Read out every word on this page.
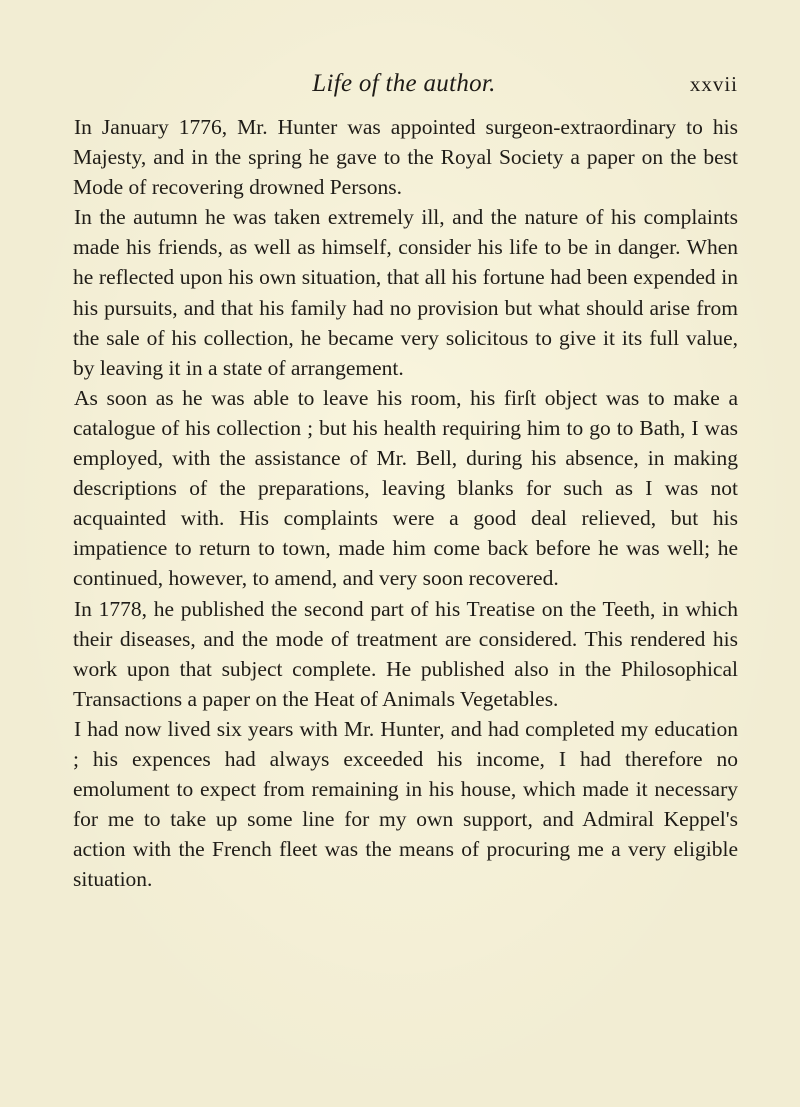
Life of the author.	xxvii

In January 1776, Mr. Hunter was appointed surgeon-extraordinary to his Majesty, and in the spring he gave to the Royal Society a paper on the best Mode of recovering drowned Persons.

In the autumn he was taken extremely ill, and the nature of his complaints made his friends, as well as himself, consider his life to be in danger. When he reflected upon his own situation, that all his fortune had been expended in his pursuits, and that his family had no provision but what should arise from the sale of his collection, he became very solicitous to give it its full value, by leaving it in a state of arrangement.

As soon as he was able to leave his room, his firſt object was to make a catalogue of his collection ; but his health requiring him to go to Bath, I was employed, with the assistance of Mr. Bell, during his absence, in making descriptions of the preparations, leaving blanks for such as I was not acquainted with. His complaints were a good deal relieved, but his impatience to return to town, made him come back before he was well; he continued, however, to amend, and very soon recovered.

In 1778, he published the second part of his Treatise on the Teeth, in which their diseases, and the mode of treatment are considered. This rendered his work upon that subject complete. He published also in the Philosophical Transactions a paper on the Heat of Animals Vegetables.

I had now lived six years with Mr. Hunter, and had completed my education ; his expences had always exceeded his income, I had therefore no emolument to expect from remaining in his house, which made it necessary for me to take up some line for my own support, and Admiral Keppel's action with the French fleet was the means of procuring me a very eligible situation.
